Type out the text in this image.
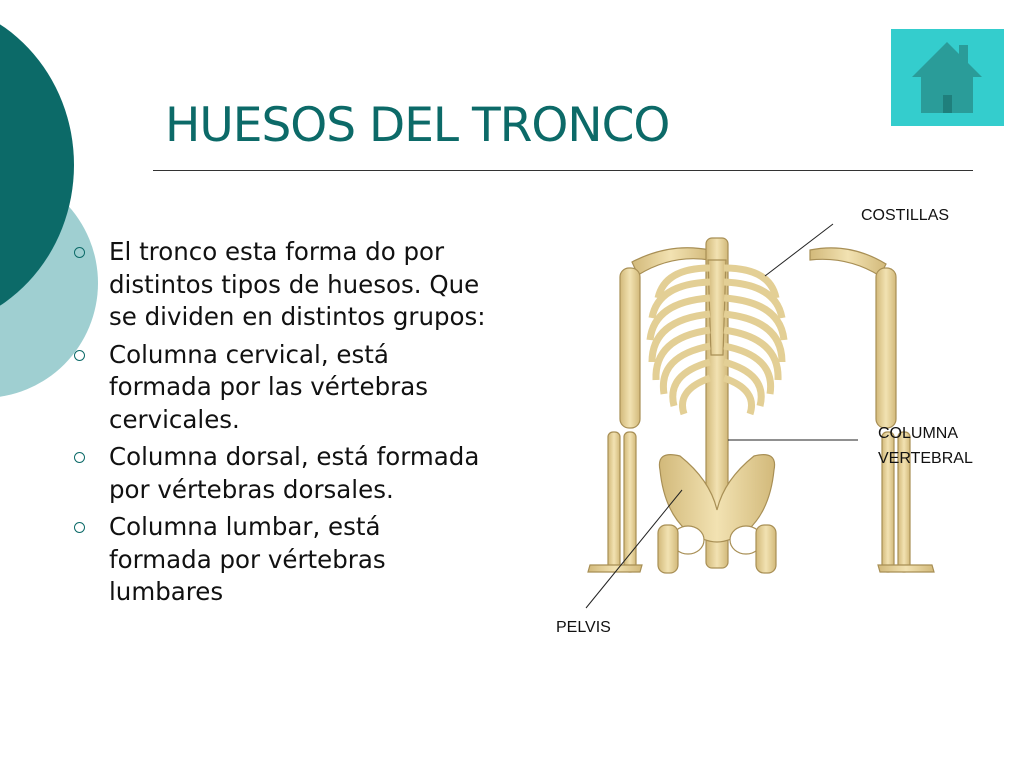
HUESOS DEL TRONCO
El tronco esta forma do por distintos tipos de huesos. Que se dividen en distintos grupos:
Columna cervical, está formada por las vértebras cervicales.
Columna dorsal, está formada por vértebras dorsales.
Columna lumbar, está formada por vértebras lumbares
COSTILLAS
COLUMNA
VERTEBRAL
PELVIS
